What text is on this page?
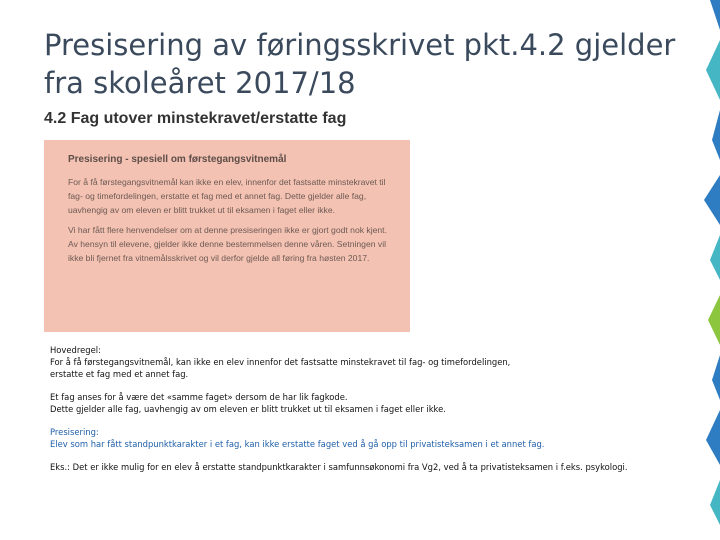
Presisering av føringsskrivet pkt.4.2 gjelder
fra skoleåret 2017/18
4.2 Fag utover minstekravet/erstatte fag
Presisering - spesiell om førstegangsvitnemål

For å få førstegangsvitnemål kan ikke en elev, innenfor det fastsatte minstekravet til fag- og timefordelingen, erstatte et fag med et annet fag. Dette gjelder alle fag, uavhengig av om eleven er blitt trukket ut til eksamen i faget eller ikke.

Vi har fått flere henvendelser om at denne presiseringen ikke er gjort godt nok kjent. Av hensyn til elevene, gjelder ikke denne bestemmelsen denne våren. Setningen vil ikke bli fjernet fra vitnemålsskrivet og vil derfor gjelde all føring fra høsten 2017.

Hovedregel:
For å få førstegangsvitnemål, kan ikke en elev innenfor det fastsatte minstekravet til fag- og timefordelingen,
erstatte et fag med et annet fag.
Et fag anses for å være det «samme faget» dersom de har lik fagkode.
Dette gjelder alle fag, uavhengig av om eleven er blitt trukket ut til eksamen i faget eller ikke.
Presisering:
Elev som har fått standpunktkarakter i et fag, kan ikke erstatte faget ved å gå opp til privatisteksamen i et annet fag.
Eks.: Det er ikke mulig for en elev å erstatte standpunktkarakter i samfunnsøkonomi fra Vg2, ved å ta privatisteksamen i f.eks. psykologi.
